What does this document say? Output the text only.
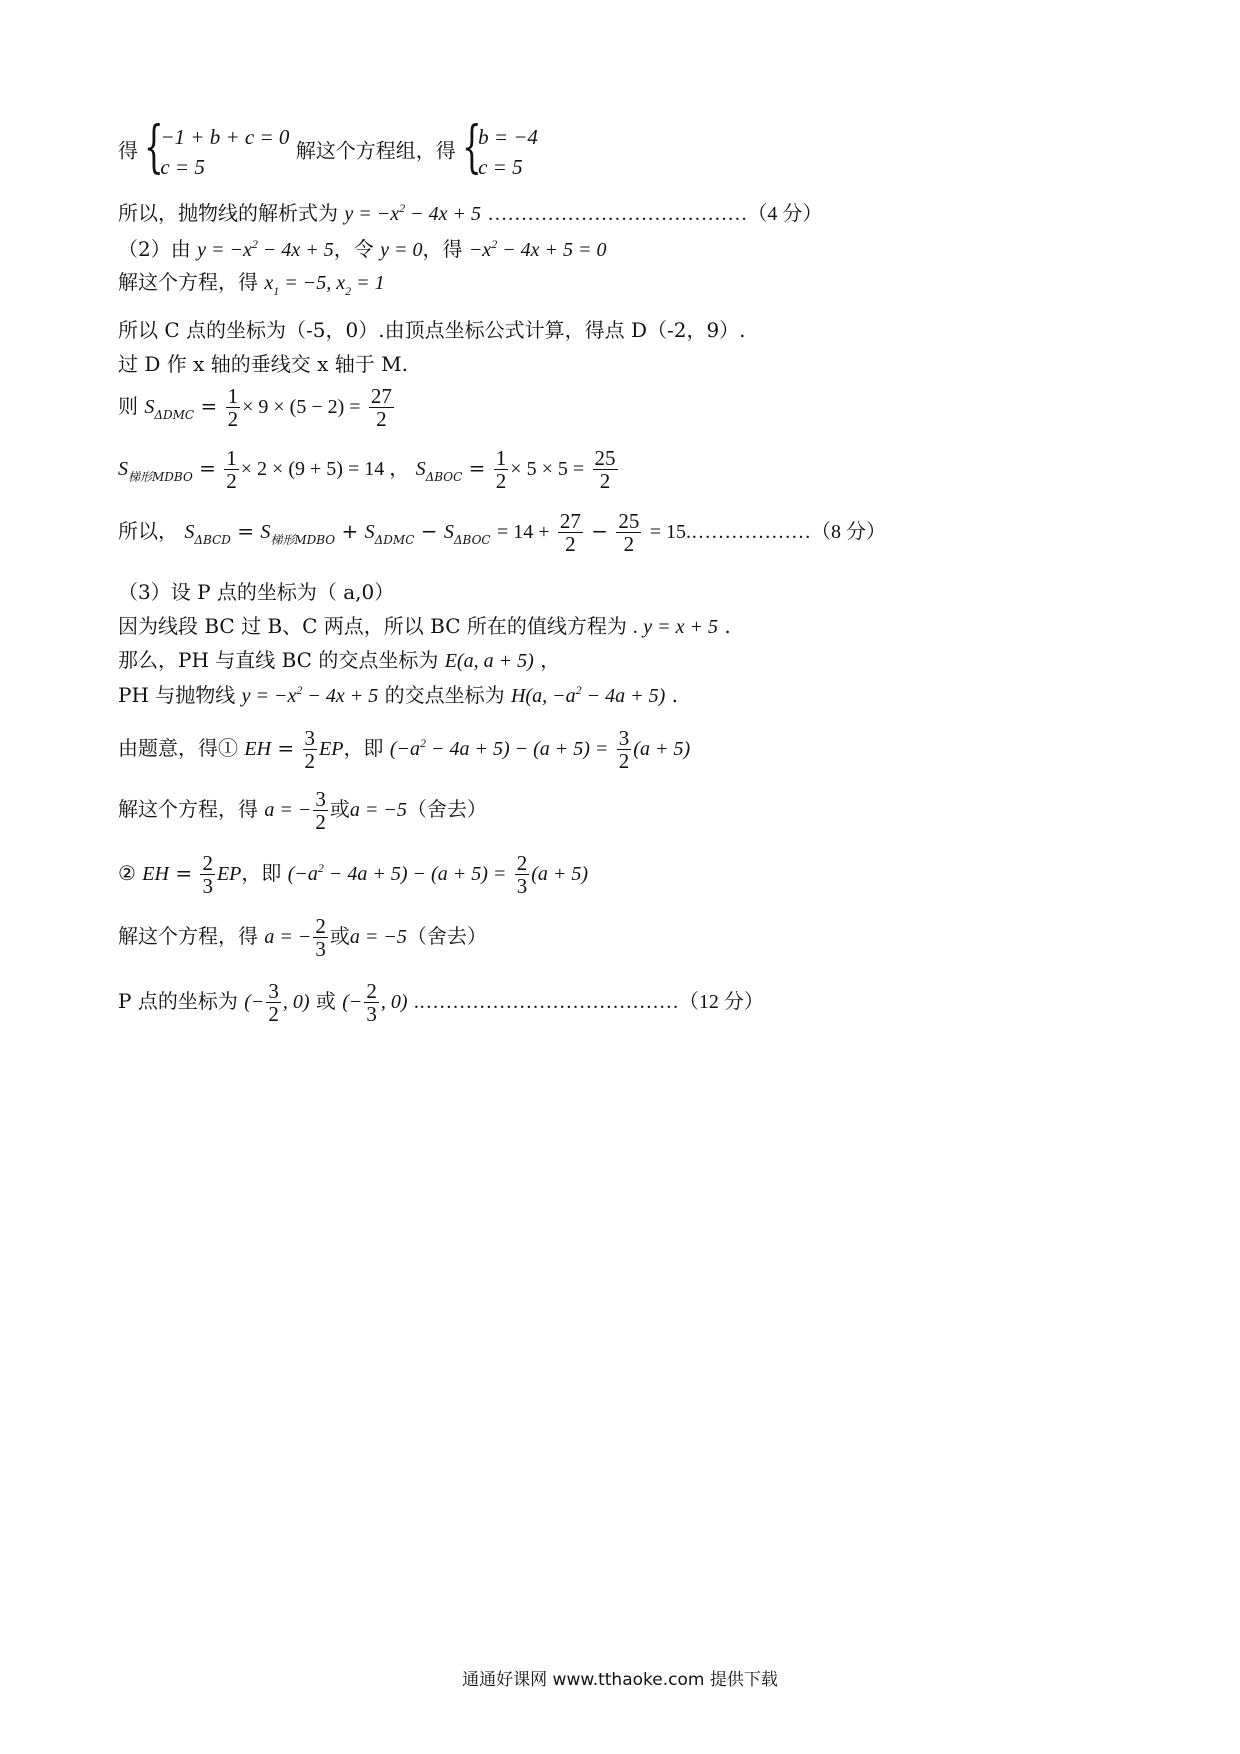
得 {
−1 + b + c = 0
c = 5
解这个方程组，得 {
b = −4
c = 5
所以，抛物线的解析式为 $y = -x^2 - 4x + 5$ …………………………………（4 分）
（2）由 $y = -x^2 - 4x + 5$，令 y = 0，得 $-x^2 - 4x + 5 = 0$
解这个方程，得 $x_1 = -5$, $x_2 = 1$
所以 C 点的坐标为（-5，0）.由顶点坐标公式计算，得点 D（-2，9）.
过 D 作 x 轴的垂线交 x 轴于 M.
则 $S_{\Delta DMC} = \frac{1}{2} \times 9 \times (5 - 2) = \frac{27}{2}$
$S_{梯形MDBO} = \frac{1}{2} \times 2 \times (9 + 5) = 14$ ， $S_{\Delta BOC} = \frac{1}{2} \times 5 \times 5 = \frac{25}{2}$
所以， $S_{\Delta BCD} = S_{梯形MDBO} + S_{\Delta DMC} - S_{\Delta BOC} = 14 + \frac{27}{2} - \frac{25}{2}$ = 15.………………（8 分）
（3）设 P 点的坐标为（ a,0）
因为线段 BC 过 B、C 两点，所以 BC 所在的值线方程为 . y = x + 5 .
那么，PH 与直线 BC 的交点坐标为 E(a, a + 5) ，
PH 与抛物线 $y = -x^2 - 4x + 5$ 的交点坐标为 H(a, $-a^2 - 4a + 5$) .
由题意，得① EH = $\frac{3}{2}$ EP，即 $(-a^2 - 4a + 5) - (a + 5) = \frac{3}{2} (a + 5)$
解这个方程，得 a = − $\frac{3}{2}$ 或a = −5（舍去）
② EH = $\frac{2}{3}$ EP，即 $(-a^2 - 4a + 5) - (a + 5) = \frac{2}{3} (a + 5)$
解这个方程，得 a = − $\frac{2}{3}$ 或a = −5（舍去）
P 点的坐标为 (− $\frac{3}{2}$ , 0) 或 (− $\frac{2}{3}$ , 0) .…………………………………（12 分）
通通好课网 www.tthaoke.com 提供下载
